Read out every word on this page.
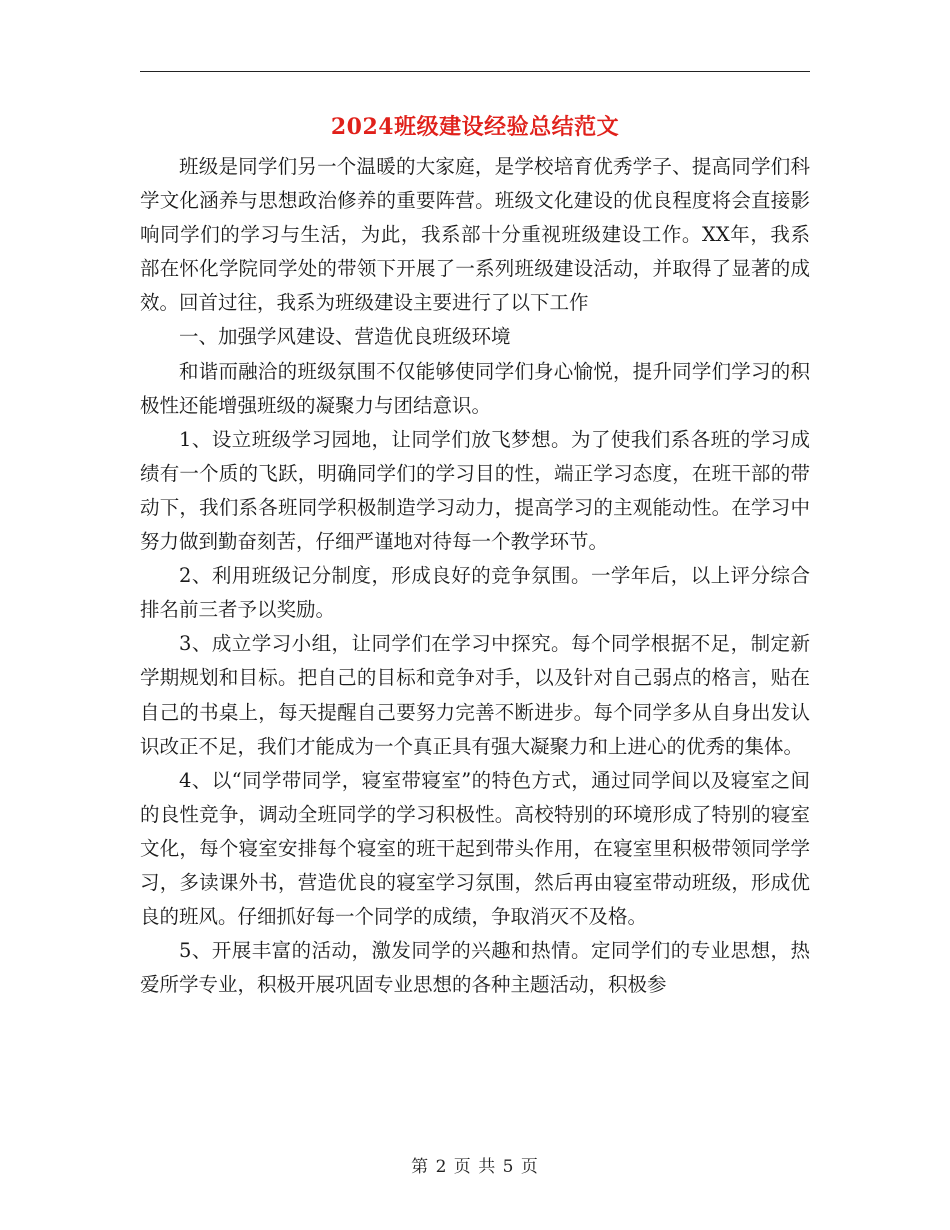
2024班级建设经验总结范文

班级是同学们另一个温暖的大家庭，是学校培育优秀学子、提高同学们科学文化涵养与思想政治修养的重要阵营。班级文化建设的优良程度将会直接影响同学们的学习与生活，为此，我系部十分重视班级建设工作。XX年，我系部在怀化学院同学处的带领下开展了一系列班级建设活动，并取得了显著的成效。回首过往，我系为班级建设主要进行了以下工作

一、加强学风建设、营造优良班级环境

和谐而融洽的班级氛围不仅能够使同学们身心愉悦，提升同学们学习的积极性还能增强班级的凝聚力与团结意识。

1、设立班级学习园地，让同学们放飞梦想。为了使我们系各班的学习成绩有一个质的飞跃，明确同学们的学习目的性，端正学习态度，在班干部的带动下，我们系各班同学积极制造学习动力，提高学习的主观能动性。在学习中努力做到勤奋刻苦，仔细严谨地对待每一个教学环节。

2、利用班级记分制度，形成良好的竞争氛围。一学年后，以上评分综合排名前三者予以奖励。

3、成立学习小组，让同学们在学习中探究。每个同学根据不足，制定新学期规划和目标。把自己的目标和竞争对手，以及针对自己弱点的格言，贴在自己的书桌上，每天提醒自己要努力完善不断进步。每个同学多从自身出发认识改正不足，我们才能成为一个真正具有强大凝聚力和上进心的优秀的集体。

4、以“同学带同学，寝室带寝室”的特色方式，通过同学间以及寝室之间的良性竞争，调动全班同学的学习积极性。高校特别的环境形成了特别的寝室文化，每个寝室安排每个寝室的班干起到带头作用，在寝室里积极带领同学学习，多读课外书，营造优良的寝室学习氛围，然后再由寝室带动班级，形成优良的班风。仔细抓好每一个同学的成绩，争取消灭不及格。

5、开展丰富的活动，激发同学的兴趣和热情。定同学们的专业思想，热爱所学专业，积极开展巩固专业思想的各种主题活动，积极参

第 2 页 共 5 页
